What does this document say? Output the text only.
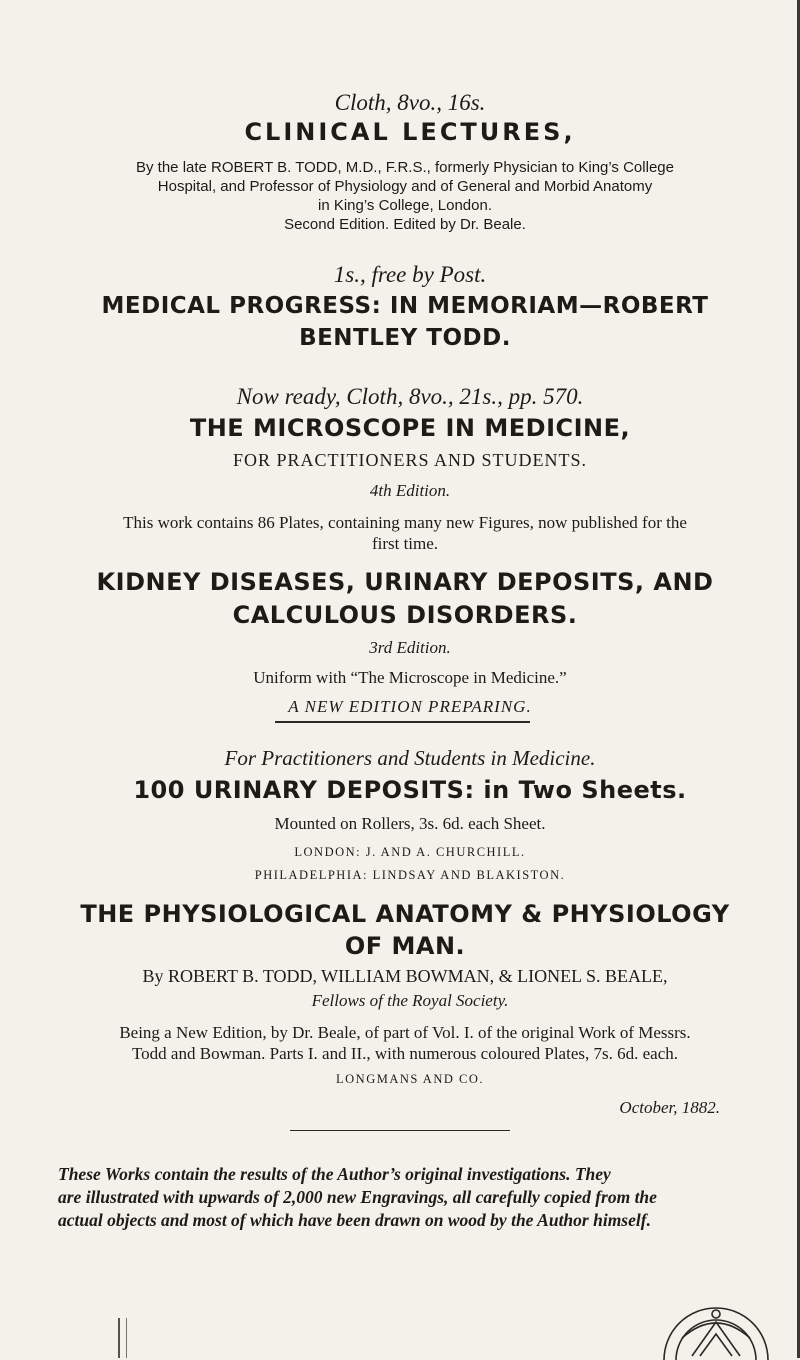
Cloth, 8vo., 16s.
CLINICAL LECTURES,
By the late ROBERT B. TODD, M.D., F.R.S., formerly Physician to King’s College
Hospital, and Professor of Physiology and of General and Morbid Anatomy
in King’s College, London.
Second Edition. Edited by Dr. Beale.
1s., free by Post.
MEDICAL PROGRESS: IN MEMORIAM—ROBERT
BENTLEY TODD.
Now ready, Cloth, 8vo., 21s., pp. 570.
THE MICROSCOPE IN MEDICINE,
FOR PRACTITIONERS AND STUDENTS.
4th Edition.
This work contains 86 Plates, containing many new Figures, now published for the
first time.
KIDNEY DISEASES, URINARY DEPOSITS, AND
CALCULOUS DISORDERS.
3rd Edition.
Uniform with “The Microscope in Medicine.”
A NEW EDITION PREPARING.
For Practitioners and Students in Medicine.
100 URINARY DEPOSITS: in Two Sheets.
Mounted on Rollers, 3s. 6d. each Sheet.
LONDON: J. AND A. CHURCHILL.
PHILADELPHIA: LINDSAY AND BLAKISTON.
THE PHYSIOLOGICAL ANATOMY & PHYSIOLOGY
OF MAN.
By ROBERT B. TODD, WILLIAM BOWMAN, & LIONEL S. BEALE,
Fellows of the Royal Society.
Being a New Edition, by Dr. Beale, of part of Vol. I. of the original Work of Messrs.
Todd and Bowman. Parts I. and II., with numerous coloured Plates, 7s. 6d. each.
LONGMANS AND CO.
October, 1882.
These Works contain the results of the Author’s original investigations. They
are illustrated with upwards of 2,000 new Engravings, all carefully copied from the
actual objects and most of which have been drawn on wood by the Author himself.
